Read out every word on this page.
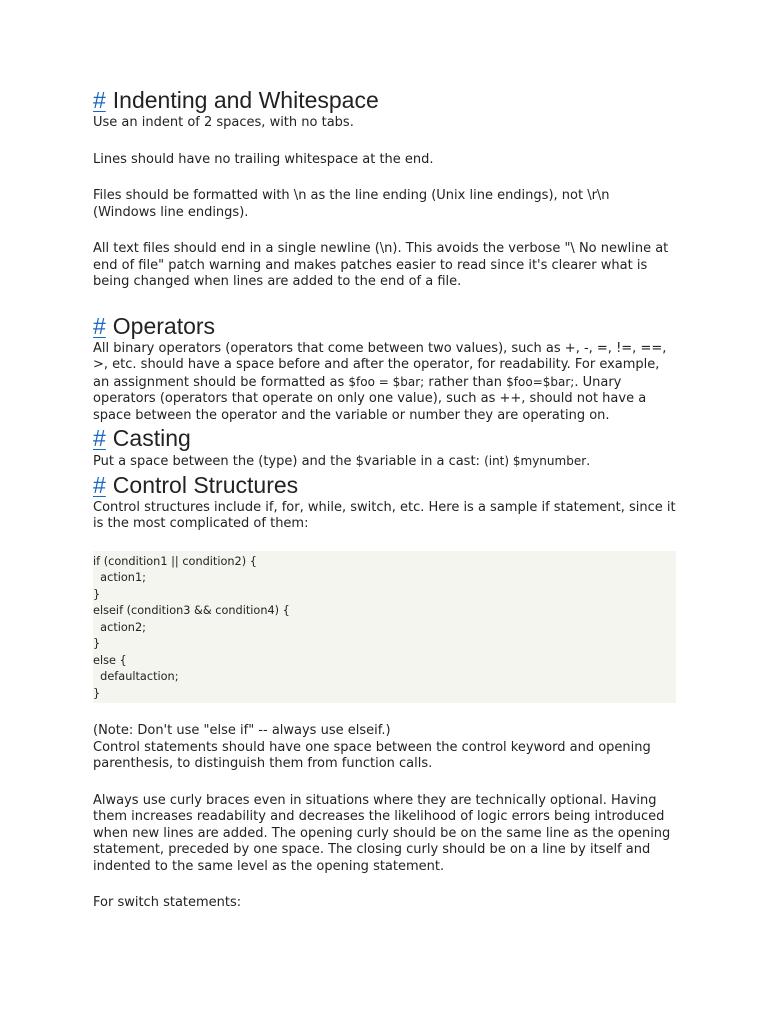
# Indenting and Whitespace

Use an indent of 2 spaces, with no tabs.

Lines should have no trailing whitespace at the end.

Files should be formatted with \n as the line ending (Unix line endings), not \r\n (Windows line endings).

All text files should end in a single newline (\n). This avoids the verbose "\ No newline at end of file" patch warning and makes patches easier to read since it's clearer what is being changed when lines are added to the end of a file.

# Operators

All binary operators (operators that come between two values), such as +, -, =, !=, ==, >, etc. should have a space before and after the operator, for readability. For example, an assignment should be formatted as $foo = $bar; rather than $foo=$bar;. Unary operators (operators that operate on only one value), such as ++, should not have a space between the operator and the variable or number they are operating on.

# Casting

Put a space between the (type) and the $variable in a cast: (int) $mynumber.

# Control Structures

Control structures include if, for, while, switch, etc. Here is a sample if statement, since it is the most complicated of them:

if (condition1 || condition2) {
action1;
}
elseif (condition3 && condition4) {
action2;
}
else {
defaultaction;
}

(Note: Don't use "else if" -- always use elseif.)

Control statements should have one space between the control keyword and opening parenthesis, to distinguish them from function calls.

Always use curly braces even in situations where they are technically optional. Having them increases readability and decreases the likelihood of logic errors being introduced when new lines are added. The opening curly should be on the same line as the opening statement, preceded by one space. The closing curly should be on a line by itself and indented to the same level as the opening statement.

For switch statements:
